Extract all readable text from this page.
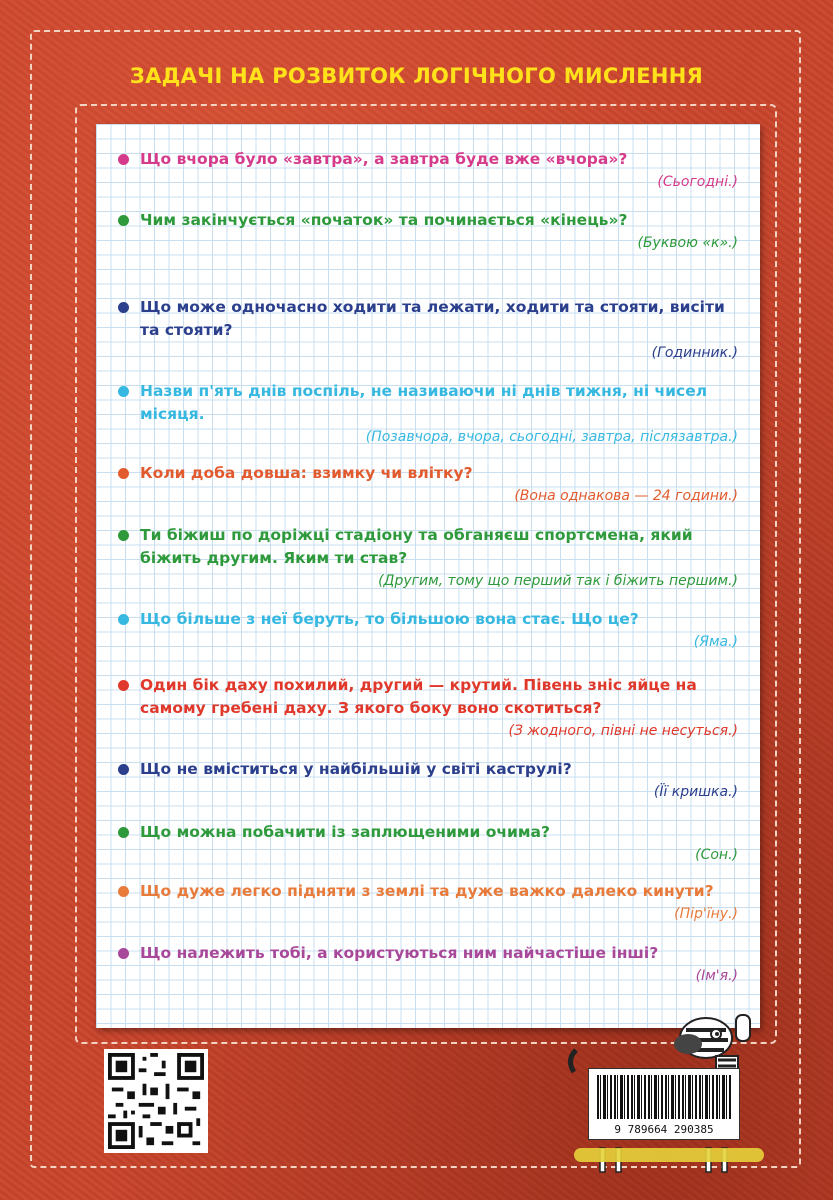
ЗАДАЧІ НА РОЗВИТОК ЛОГІЧНОГО МИСЛЕННЯ

Що вчора було «завтра», а завтра буде вже «вчора»?

(Сьогодні.)

Чим закінчується «початок» та починається «кінець»?

(Буквою «к».)

Що може одночасно ходити та лежати, ходити та стояти, висіти та стояти?

(Годинник.)

Назви п'ять днів поспіль, не називаючи ні днів тижня, ні чисел місяця.

(Позавчора, вчора, сьогодні, завтра, післязавтра.)

Коли доба довша: взимку чи влітку?

(Вона однакова — 24 години.)

Ти біжиш по доріжці стадіону та обганяєш спортсмена, який біжить другим. Яким ти став?

(Другим, тому що перший так і біжить першим.)

Що більше з неї беруть, то більшою вона стає. Що це?

(Яма.)

Один бік даху похилий, другий — крутий. Півень зніс яйце на самому гребені даху. З якого боку воно скотиться?

(З жодного, півні не несуться.)

Що не вміститься у найбільшій у світі каструлі?

(Її кришка.)

Що можна побачити із заплющеними очима?

(Сон.)

Що дуже легко підняти з землі та дуже важко далеко кинути?

(Пір'їну.)

Що належить тобі, а користуються ним найчастіше інші?

(Ім'я.)

9 789664 290385
